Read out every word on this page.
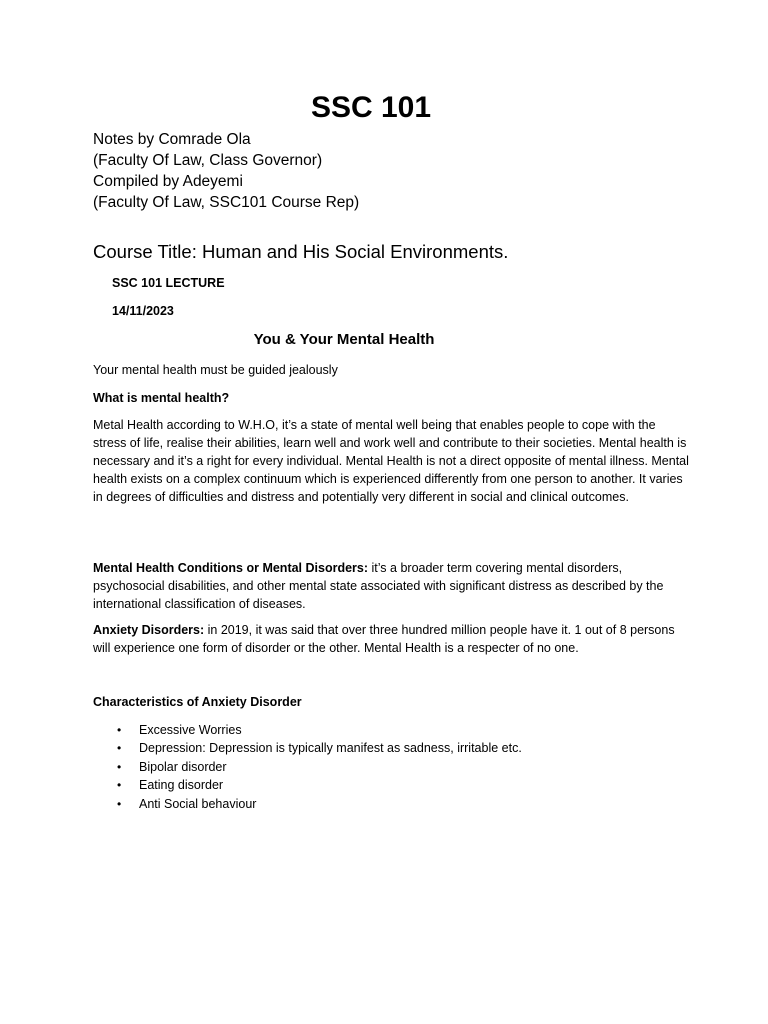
SSC 101
Notes by Comrade Ola
(Faculty Of Law, Class Governor)
Compiled by Adeyemi
(Faculty Of Law, SSC101 Course Rep)

Course Title: Human and His Social Environments.

SSC 101 LECTURE

14/11/2023

You & Your Mental Health

Your mental health must be guided jealously

What is mental health?

Metal Health according to W.H.O, it’s a state of mental well being that enables people to cope with the stress of life, realise their abilities, learn well and work well and contribute to their societies. Mental health is necessary and it’s a right for every individual. Mental Health is not a direct opposite of mental illness. Mental health exists on a complex continuum which is experienced differently from one person to another. It varies in degrees of difficulties and distress and potentially very different in social and clinical outcomes.

Mental Health Conditions or Mental Disorders: it’s a broader term covering mental disorders, psychosocial disabilities, and other mental state associated with significant distress as described by the international classification of diseases.

Anxiety Disorders: in 2019, it was said that over three hundred million people have it. 1 out of 8 persons will experience one form of disorder or the other. Mental Health is a respecter of no one.

Characteristics of Anxiety Disorder

• Excessive Worries
• Depression: Depression is typically manifest as sadness, irritable etc.
• Bipolar disorder
• Eating disorder
• Anti Social behaviour
